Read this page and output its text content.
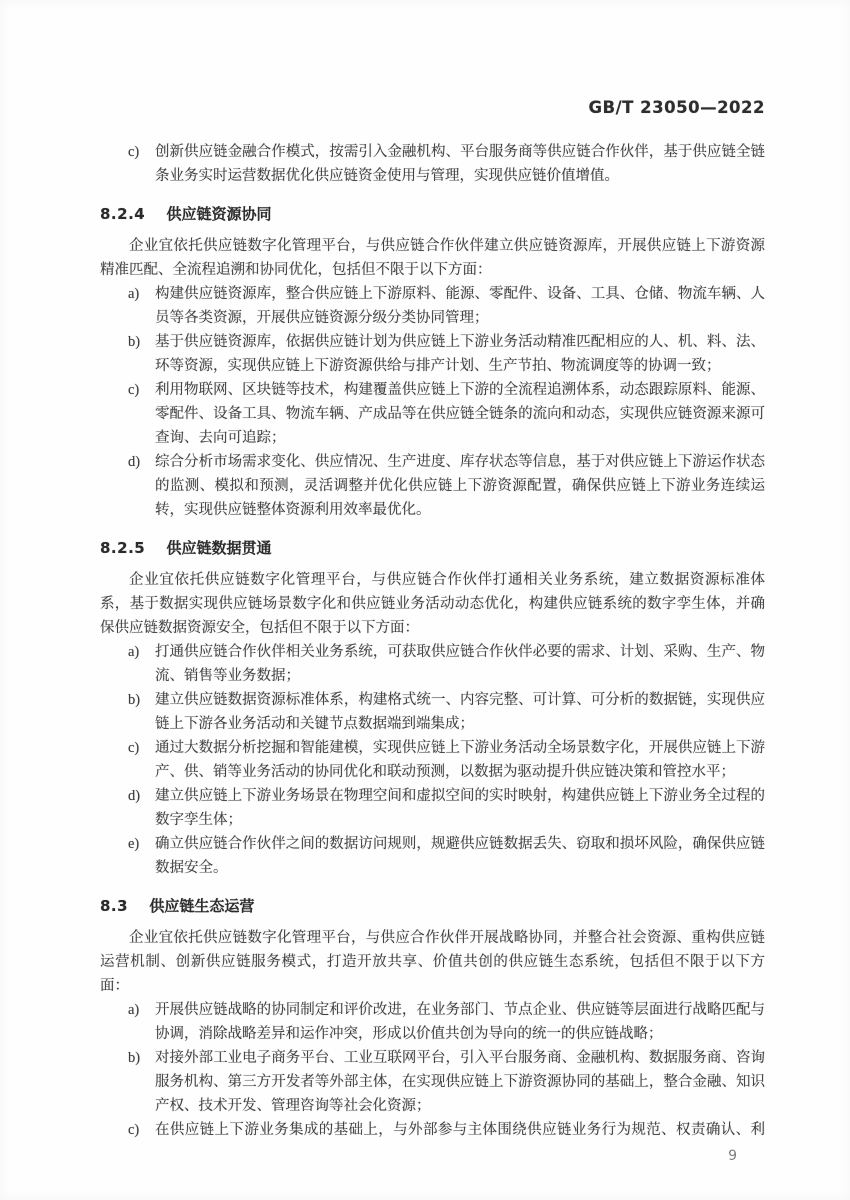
GB/T 23050—2022
c) 创新供应链金融合作模式，按需引入金融机构、平台服务商等供应链合作伙伴，基于供应链全链条业务实时运营数据优化供应链资金使用与管理，实现供应链价值增值。
8.2.4 供应链资源协同

企业宜依托供应链数字化管理平台，与供应链合作伙伴建立供应链资源库，开展供应链上下游资源精准匹配、全流程追溯和协同优化，包括但不限于以下方面：

a) 构建供应链资源库，整合供应链上下游原料、能源、零配件、设备、工具、仓储、物流车辆、人员等各类资源，开展供应链资源分级分类协同管理；
b) 基于供应链资源库，依据供应链计划为供应链上下游业务活动精准匹配相应的人、机、料、法、环等资源，实现供应链上下游资源供给与排产计划、生产节拍、物流调度等的协调一致；
c) 利用物联网、区块链等技术，构建覆盖供应链上下游的全流程追溯体系，动态跟踪原料、能源、零配件、设备工具、物流车辆、产成品等在供应链全链条的流向和动态，实现供应链资源来源可查询、去向可追踪；
d) 综合分析市场需求变化、供应情况、生产进度、库存状态等信息，基于对供应链上下游运作状态的监测、模拟和预测，灵活调整并优化供应链上下游资源配置，确保供应链上下游业务连续运转，实现供应链整体资源利用效率最优化。
8.2.5 供应链数据贯通

企业宜依托供应链数字化管理平台，与供应链合作伙伴打通相关业务系统，建立数据资源标准体系，基于数据实现供应链场景数字化和供应链业务活动动态优化，构建供应链系统的数字孪生体，并确保供应链数据资源安全，包括但不限于以下方面：

a) 打通供应链合作伙伴相关业务系统，可获取供应链合作伙伴必要的需求、计划、采购、生产、物流、销售等业务数据；
b) 建立供应链数据资源标准体系，构建格式统一、内容完整、可计算、可分析的数据链，实现供应链上下游各业务活动和关键节点数据端到端集成；
c) 通过大数据分析挖掘和智能建模，实现供应链上下游业务活动全场景数字化，开展供应链上下游产、供、销等业务活动的协同优化和联动预测，以数据为驱动提升供应链决策和管控水平；
d) 建立供应链上下游业务场景在物理空间和虚拟空间的实时映射，构建供应链上下游业务全过程的数字孪生体；
e) 确立供应链合作伙伴之间的数据访问规则，规避供应链数据丢失、窃取和损坏风险，确保供应链数据安全。
8.3 供应链生态运营

企业宜依托供应链数字化管理平台，与供应合作伙伴开展战略协同，并整合社会资源、重构供应链运营机制、创新供应链服务模式，打造开放共享、价值共创的供应链生态系统，包括但不限于以下方面：

a) 开展供应链战略的协同制定和评价改进，在业务部门、节点企业、供应链等层面进行战略匹配与协调，消除战略差异和运作冲突，形成以价值共创为导向的统一的供应链战略；
b) 对接外部工业电子商务平台、工业互联网平台，引入平台服务商、金融机构、数据服务商、咨询服务机构、第三方开发者等外部主体，在实现供应链上下游资源协同的基础上，整合金融、知识产权、技术开发、管理咨询等社会化资源；
c) 在供应链上下游业务集成的基础上，与外部参与主体围绕供应链业务行为规范、权责确认、利
9
